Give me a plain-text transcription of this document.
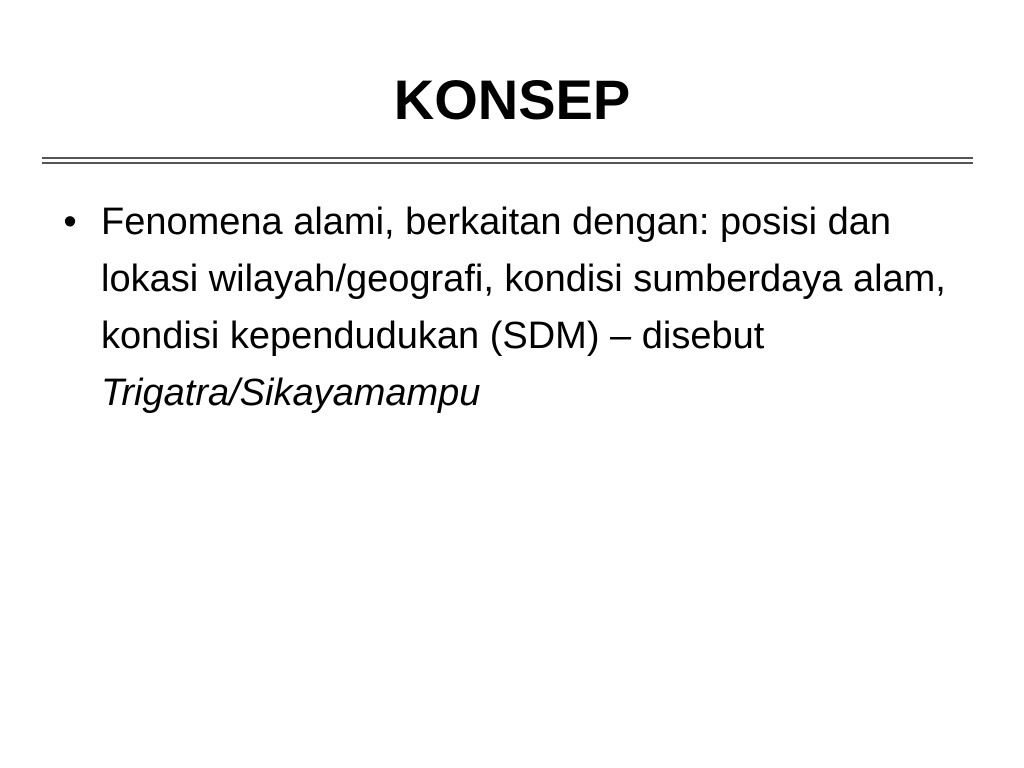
KONSEP
• Fenomena alami, berkaitan dengan: posisi dan lokasi wilayah/geografi, kondisi sumberdaya alam, kondisi kependudukan (SDM) – disebut Trigatra/Sikayamampu
